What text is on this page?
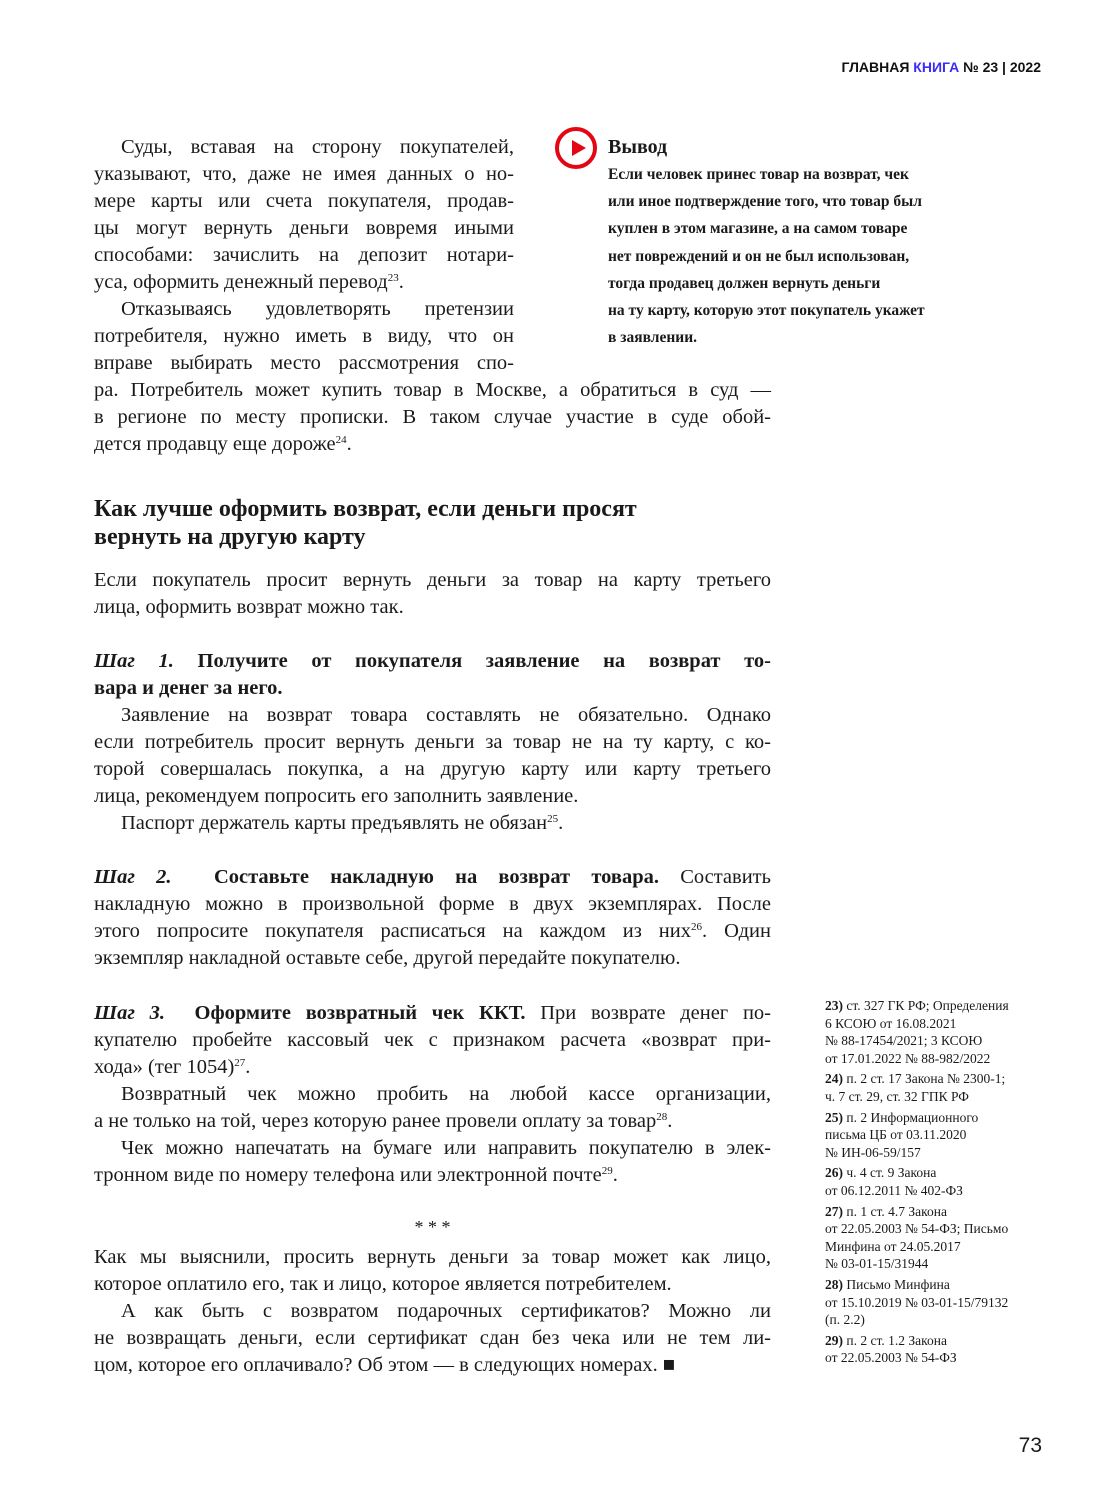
ГЛАВНАЯ КНИГА № 23 | 2022
Суды, вставая на сторону покупателей,
указывают, что, даже не имея данных о но-
мере карты или счета покупателя, продав-
цы могут вернуть деньги вовремя иными
способами: зачислить на депозит нотари-
уса, оформить денежный перевод$^{23}$.
Отказываясь удовлетворять претензии
потребителя, нужно иметь в виду, что он
вправе выбирать место рассмотрения спо-
ра. Потребитель может купить товар в Москве, а обратиться в суд —
в регионе по месту прописки. В таком случае участие в суде обой-
дется продавцу еще дороже$^{24}$.
Вывод
Если человек принес товар на возврат, чек
или иное подтверждение того, что товар был
куплен в этом магазине, а на самом товаре
нет повреждений и он не был использован,
тогда продавец должен вернуть деньги
на ту карту, которую этот покупатель укажет
в заявлении.
Как лучше оформить возврат, если деньги просят
вернуть на другую карту
Если покупатель просит вернуть деньги за товар на карту третьего
лица, оформить возврат можно так.
Шаг 1. Получите от покупателя заявление на возврат то-
вара и денег за него.
Заявление на возврат товара составлять не обязательно. Однако
если потребитель просит вернуть деньги за товар не на ту карту, с ко-
торой совершалась покупка, а на другую карту или карту третьего
лица, рекомендуем попросить его заполнить заявление.
Паспорт держатель карты предъявлять не обязан$^{25}$.
Шаг 2. Составьте накладную на возврат товара. Составить
накладную можно в произвольной форме в двух экземплярах. После
этого попросите покупателя расписаться на каждом из них$^{26}$. Один
экземпляр накладной оставьте себе, другой передайте покупателю.
Шаг 3. Оформите возвратный чек ККТ. При возврате денег по-
купателю пробейте кассовый чек с признаком расчета «возврат при-
хода» (тег 1054)$^{27}$.
Возвратный чек можно пробить на любой кассе организации,
а не только на той, через которую ранее провели оплату за товар$^{28}$.
Чек можно напечатать на бумаге или направить покупателю в элек-
тронном виде по номеру телефона или электронной почте$^{29}$.
* * *
Как мы выяснили, просить вернуть деньги за товар может как лицо,
которое оплатило его, так и лицо, которое является потребителем.
А как быть с возвратом подарочных сертификатов? Можно ли
не возвращать деньги, если сертификат сдан без чека или не тем ли-
цом, которое его оплачивало? Об этом — в следующих номерах. ■
23) ст. 327 ГК РФ; Определения
6 КСОЮ от 16.08.2021
№ 88-17454/2021; 3 КСОЮ
от 17.01.2022 № 88-982/2022
24) п. 2 ст. 17 Закона № 2300-1;
ч. 7 ст. 29, ст. 32 ГПК РФ
25) п. 2 Информационного
письма ЦБ от 03.11.2020
№ ИН-06-59/157
26) ч. 4 ст. 9 Закона
от 06.12.2011 № 402-ФЗ
27) п. 1 ст. 4.7 Закона
от 22.05.2003 № 54-ФЗ; Письмо
Минфина от 24.05.2017
№ 03-01-15/31944
28) Письмо Минфина
от 15.10.2019 № 03-01-15/79132
(п. 2.2)
29) п. 2 ст. 1.2 Закона
от 22.05.2003 № 54-ФЗ
73
